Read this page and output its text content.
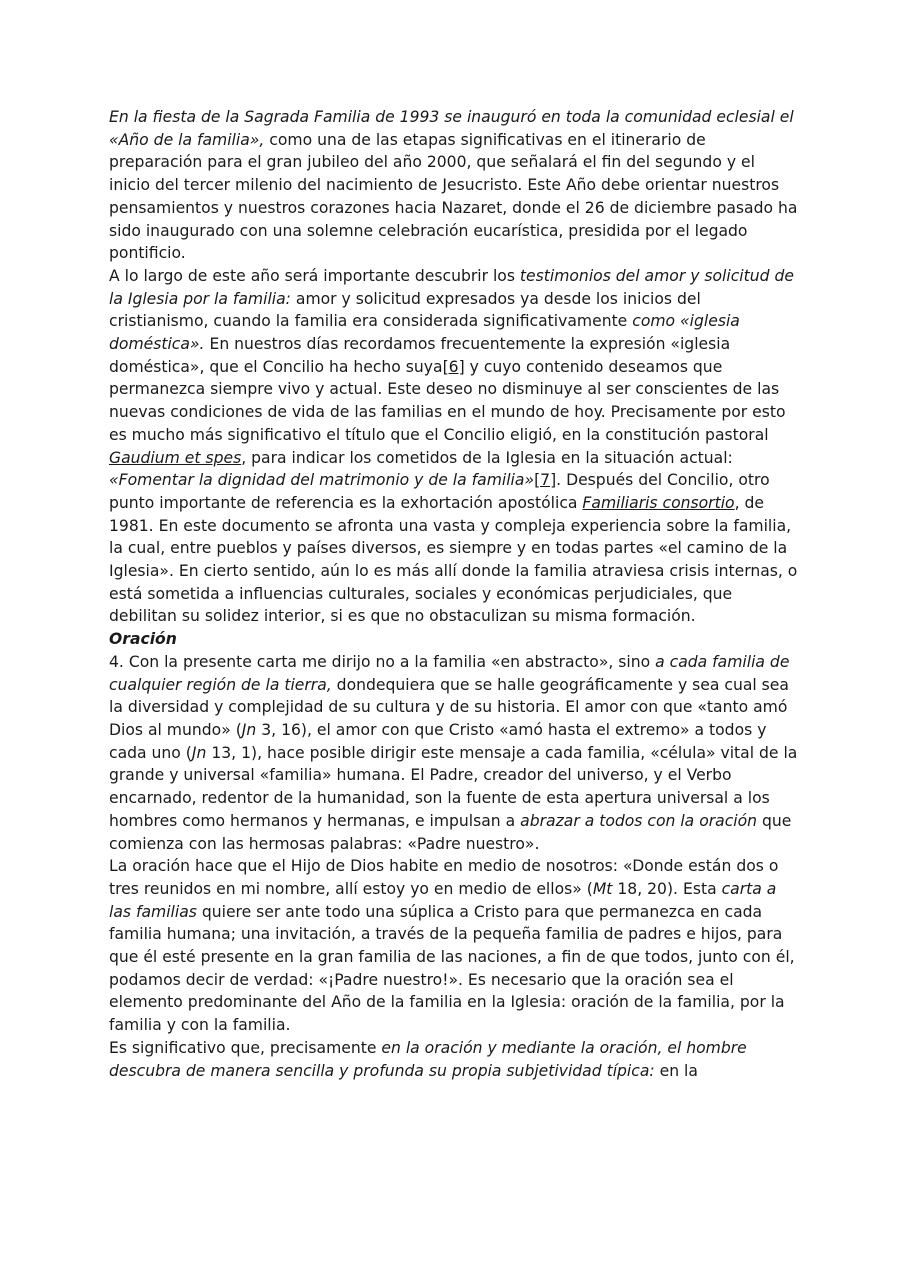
En la fiesta de la Sagrada Familia de 1993 se inauguró en toda la comunidad eclesial el «Año de la familia», como una de las etapas significativas en el itinerario de preparación para el gran jubileo del año 2000, que señalará el fin del segundo y el inicio del tercer milenio del nacimiento de Jesucristo. Este Año debe orientar nuestros pensamientos y nuestros corazones hacia Nazaret, donde el 26 de diciembre pasado ha sido inaugurado con una solemne celebración eucarística, presidida por el legado pontificio.

A lo largo de este año será importante descubrir los testimonios del amor y solicitud de la Iglesia por la familia: amor y solicitud expresados ya desde los inicios del cristianismo, cuando la familia era considerada significativamente como «iglesia doméstica». En nuestros días recordamos frecuentemente la expresión «iglesia doméstica», que el Concilio ha hecho suya[6] y cuyo contenido deseamos que permanezca siempre vivo y actual. Este deseo no disminuye al ser conscientes de las nuevas condiciones de vida de las familias en el mundo de hoy. Precisamente por esto es mucho más significativo el título que el Concilio eligió, en la constitución pastoral Gaudium et spes, para indicar los cometidos de la Iglesia en la situación actual: «Fomentar la dignidad del matrimonio y de la familia»[7]. Después del Concilio, otro punto importante de referencia es la exhortación apostólica Familiaris consortio, de 1981. En este documento se afronta una vasta y compleja experiencia sobre la familia, la cual, entre pueblos y países diversos, es siempre y en todas partes «el camino de la Iglesia». En cierto sentido, aún lo es más allí donde la familia atraviesa crisis internas, o está sometida a influencias culturales, sociales y económicas perjudiciales, que debilitan su solidez interior, si es que no obstaculizan su misma formación.

Oración

4. Con la presente carta me dirijo no a la familia «en abstracto», sino a cada familia de cualquier región de la tierra, dondequiera que se halle geográficamente y sea cual sea la diversidad y complejidad de su cultura y de su historia. El amor con que «tanto amó Dios al mundo» (Jn 3, 16), el amor con que Cristo «amó hasta el extremo» a todos y cada uno (Jn 13, 1), hace posible dirigir este mensaje a cada familia, «célula» vital de la grande y universal «familia» humana. El Padre, creador del universo, y el Verbo encarnado, redentor de la humanidad, son la fuente de esta apertura universal a los hombres como hermanos y hermanas, e impulsan a abrazar a todos con la oración que comienza con las hermosas palabras: «Padre nuestro».

La oración hace que el Hijo de Dios habite en medio de nosotros: «Donde están dos o tres reunidos en mi nombre, allí estoy yo en medio de ellos» (Mt 18, 20). Esta carta a las familias quiere ser ante todo una súplica a Cristo para que permanezca en cada familia humana; una invitación, a través de la pequeña familia de padres e hijos, para que él esté presente en la gran familia de las naciones, a fin de que todos, junto con él, podamos decir de verdad: «¡Padre nuestro!». Es necesario que la oración sea el elemento predominante del Año de la familia en la Iglesia: oración de la familia, por la familia y con la familia.

Es significativo que, precisamente en la oración y mediante la oración, el hombre descubra de manera sencilla y profunda su propia subjetividad típica: en la
